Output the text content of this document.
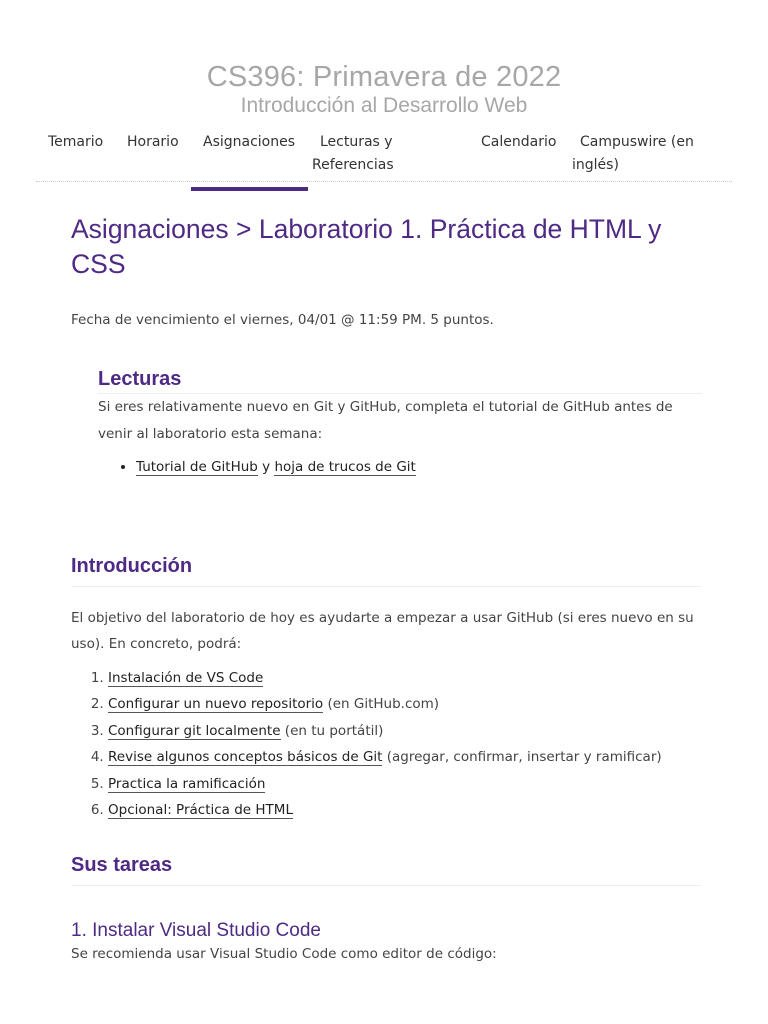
CS396: Primavera de 2022
Introducción al Desarrollo Web
Temario Horario Asignaciones	Lecturas y
Referencias
Calendario	Campuswire (en
inglés)
Asignaciones > Laboratorio 1. Práctica de HTML y CSS
Fecha de vencimiento el viernes, 04/01 @ 11:59 PM. 5 puntos.
Lecturas
Si eres relativamente nuevo en Git y GitHub, completa el tutorial de GitHub antes de venir al laboratorio esta semana:
• Tutorial de GitHub y hoja de trucos de Git
Introducción
El objetivo del laboratorio de hoy es ayudarte a empezar a usar GitHub (si eres nuevo en su uso). En concreto, podrá:
1. Instalación de VS Code
2. Configurar un nuevo repositorio (en GitHub.com)
3. Configurar git localmente (en tu portátil)
4. Revise algunos conceptos básicos de Git (agregar, confirmar, insertar y ramificar)
5. Practica la ramificación
6. Opcional: Práctica de HTML
Sus tareas
1. Instalar Visual Studio Code
Se recomienda usar Visual Studio Code como editor de código:
